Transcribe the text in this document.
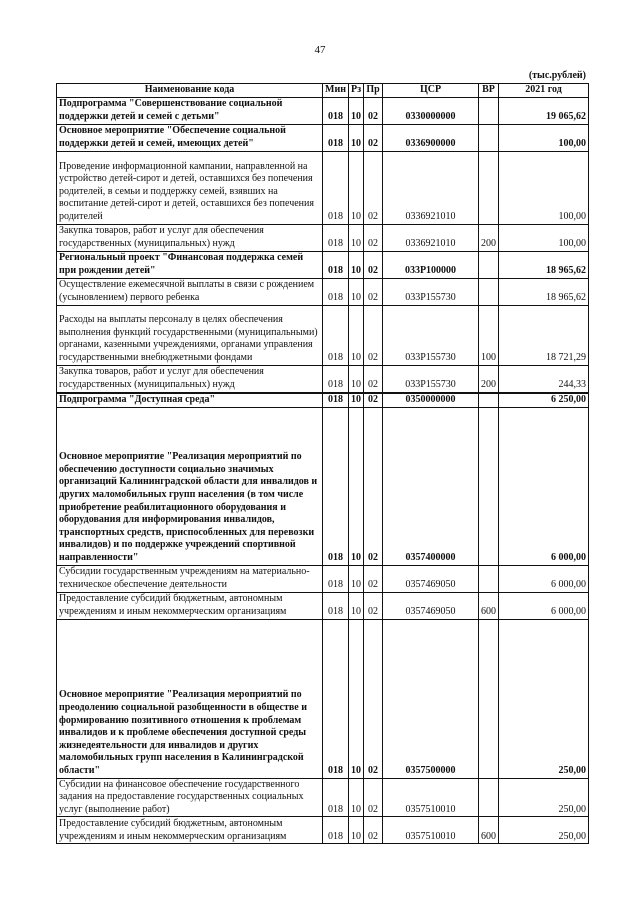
47
(тыс.рублей)
Наименование кода	Мин	Рз	Пр	ЦСР	ВР	2021 год
Подпрограмма "Совершенствование социальной поддержки детей и семей с детьми"	018	10	02	0330000000		19 065,62
Основное мероприятие "Обеспечение социальной поддержки детей и семей, имеющих детей"	018	10	02	0336900000		100,00
Проведение информационной кампании, направленной на устройство детей-сирот и детей, оставшихся без попечения родителей, в семьи и поддержку семей, взявших на воспитание детей-сирот и детей, оставшихся без попечения родителей	018	10	02	0336921010		100,00
Закупка товаров, работ и услуг для обеспечения государственных (муниципальных) нужд	018	10	02	0336921010	200	100,00
Региональный проект "Финансовая поддержка семей при рождении детей"	018	10	02	033P100000		18 965,62
Осуществление ежемесячной выплаты в связи с рождением (усыновлением) первого ребенка	018	10	02	033P155730		18 965,62
Расходы на выплаты персоналу в целях обеспечения выполнения функций государственными (муниципальными) органами, казенными учреждениями, органами управления государственными внебюджетными фондами	018	10	02	033P155730	100	18 721,29
Закупка товаров, работ и услуг для обеспечения государственных (муниципальных) нужд	018	10	02	033P155730	200	244,33
Подпрограмма "Доступная среда"	018	10	02	0350000000		6 250,00
Основное мероприятие "Реализация мероприятий по обеспечению доступности социально значимых организаций Калининградской области для инвалидов и других маломобильных групп населения (в том числе приобретение реабилитационного оборудования и оборудования для информирования инвалидов, транспортных средств, приспособленных для перевозки инвалидов) и по поддержке учреждений спортивной направленности"	018	10	02	0357400000		6 000,00
Субсидии государственным учреждениям на материально-техническое обеспечение деятельности	018	10	02	0357469050		6 000,00
Предоставление субсидий бюджетным, автономным учреждениям и иным некоммерческим организациям	018	10	02	0357469050	600	6 000,00
Основное мероприятие "Реализация мероприятий по преодолению социальной разобщенности в обществе и формированию позитивного отношения к проблемам инвалидов и к проблеме обеспечения доступной среды жизнедеятельности для инвалидов и других маломобильных групп населения в Калининградской области"	018	10	02	0357500000		250,00
Субсидии на финансовое обеспечение государственного задания на предоставление государственных социальных услуг (выполнение работ)	018	10	02	0357510010		250,00
Предоставление субсидий бюджетным, автономным учреждениям и иным некоммерческим организациям	018	10	02	0357510010	600	250,00
